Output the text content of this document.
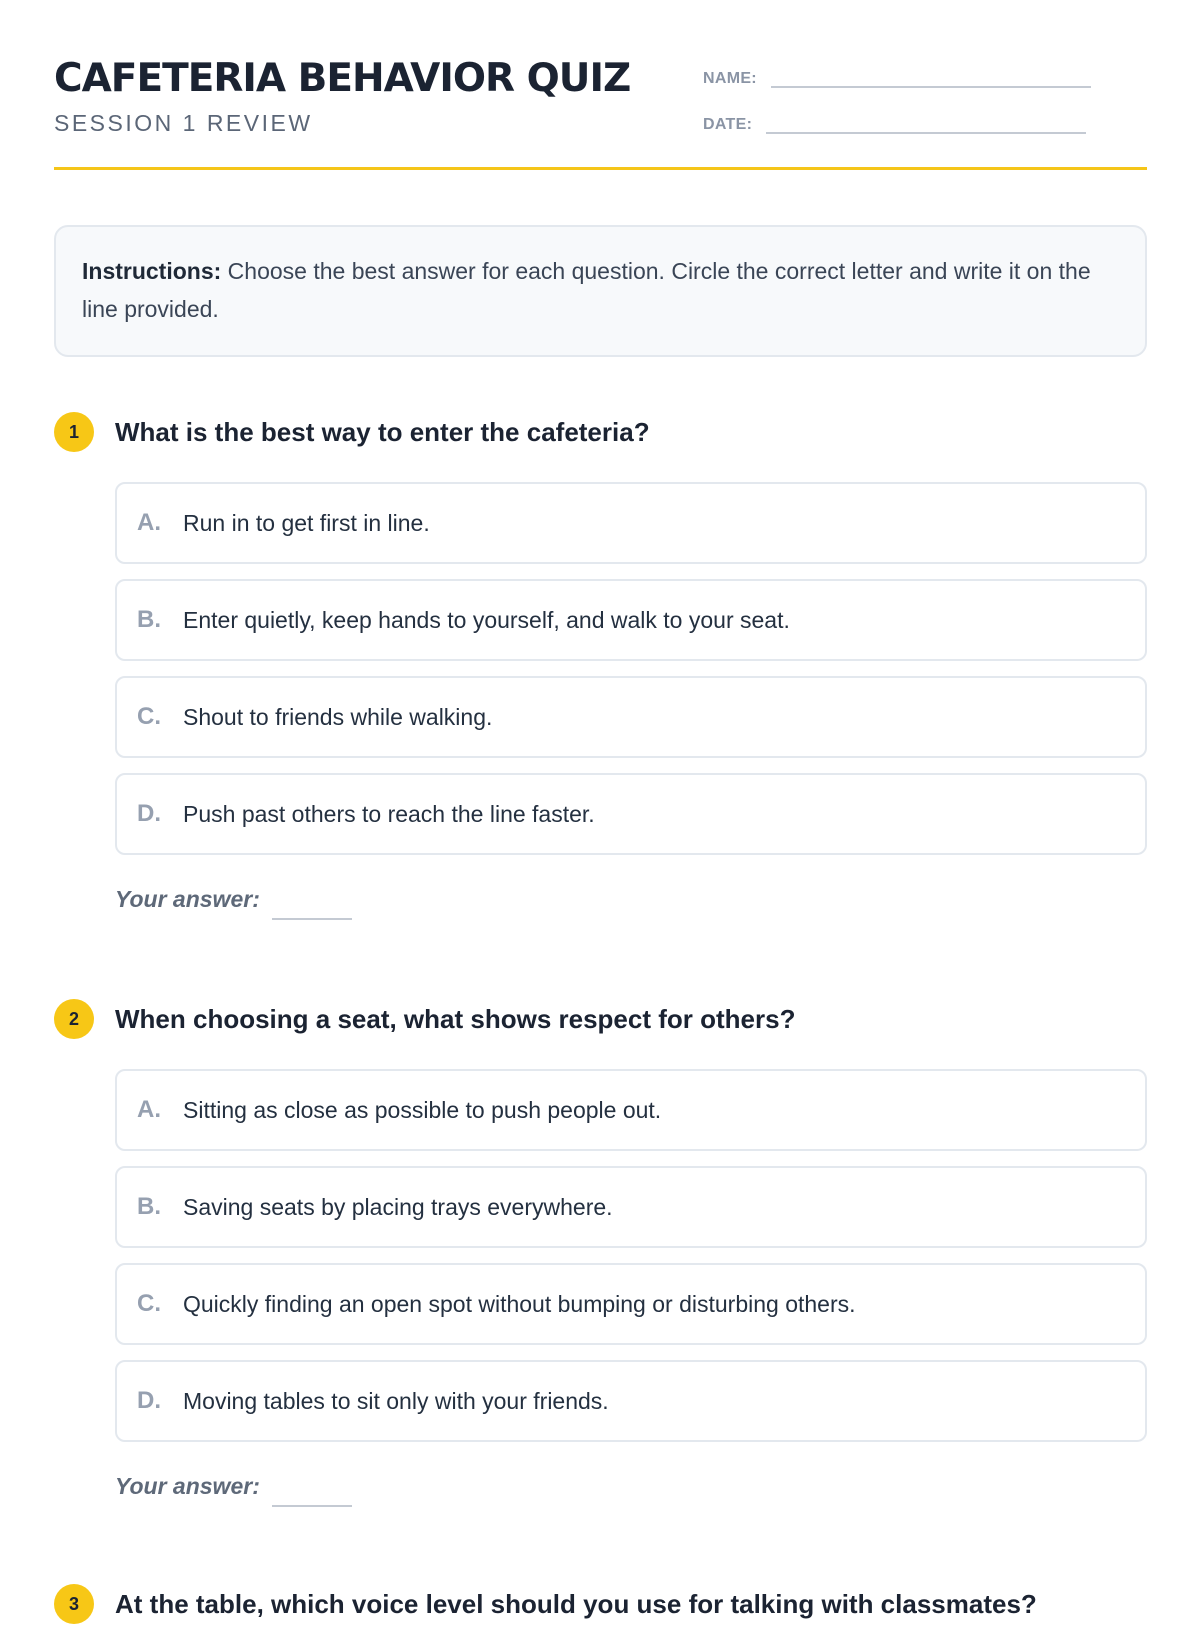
CAFETERIA BEHAVIOR QUIZ
SESSION 1 REVIEW
NAME:
DATE:
Instructions: Choose the best answer for each question. Circle the correct letter and write it on the line provided.
1	What is the best way to enter the cafeteria?
A. Run in to get first in line.
B. Enter quietly, keep hands to yourself, and walk to your seat.
C. Shout to friends while walking.
D. Push past others to reach the line faster.
Your answer:
2	When choosing a seat, what shows respect for others?
A. Sitting as close as possible to push people out.
B. Saving seats by placing trays everywhere.
C. Quickly finding an open spot without bumping or disturbing others.
D. Moving tables to sit only with your friends.
Your answer:
3	At the table, which voice level should you use for talking with classmates?
